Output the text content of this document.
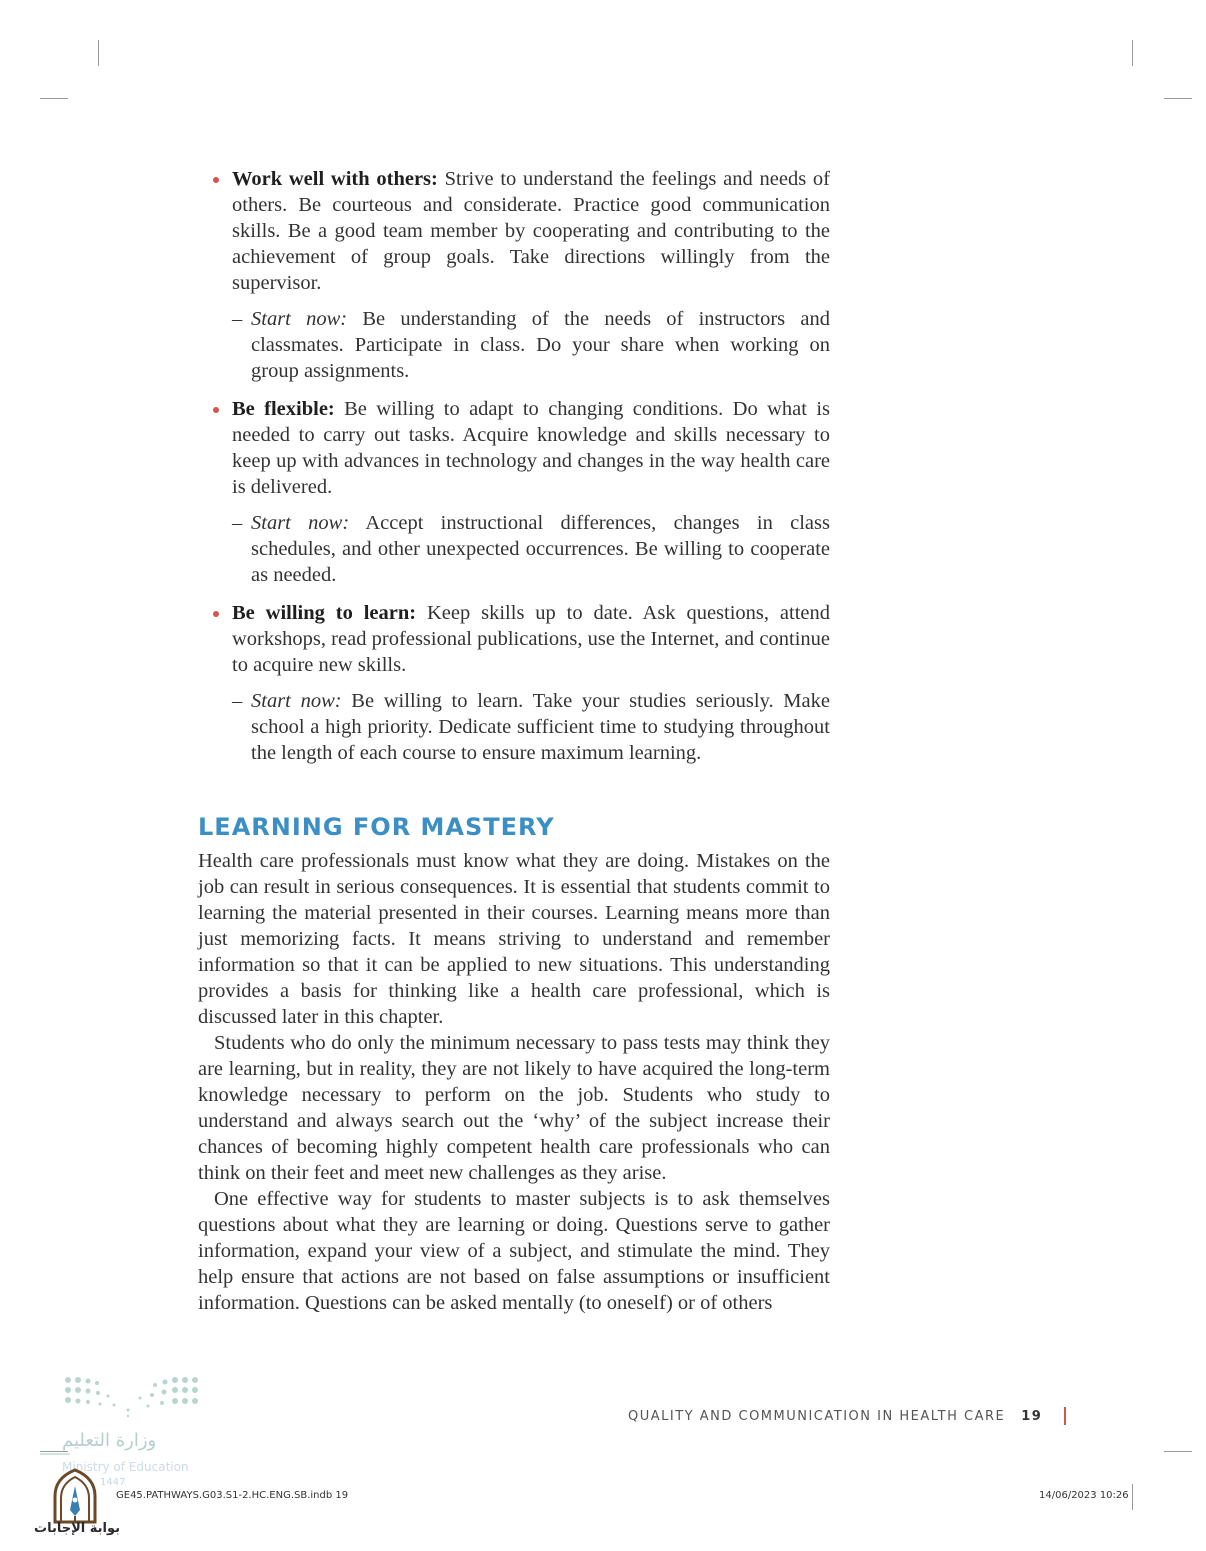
Work well with others: Strive to understand the feelings and needs of others. Be courteous and considerate. Practice good communication skills. Be a good team member by cooperating and contributing to the achievement of group goals. Take directions willingly from the supervisor.
– Start now: Be understanding of the needs of instructors and classmates. Participate in class. Do your share when working on group assignments.
Be flexible: Be willing to adapt to changing conditions. Do what is needed to carry out tasks. Acquire knowledge and skills necessary to keep up with advances in technology and changes in the way health care is delivered.
– Start now: Accept instructional differences, changes in class schedules, and other unexpected occurrences. Be willing to cooperate as needed.
Be willing to learn: Keep skills up to date. Ask questions, attend workshops, read professional publications, use the Internet, and continue to acquire new skills.
– Start now: Be willing to learn. Take your studies seriously. Make school a high priority. Dedicate sufficient time to studying throughout the length of each course to ensure maximum learning.
LEARNING FOR MASTERY

Health care professionals must know what they are doing. Mistakes on the job can result in serious consequences. It is essential that students commit to learning the material presented in their courses. Learning means more than just memorizing facts. It means striving to understand and remember information so that it can be applied to new situations. This understanding provides a basis for thinking like a health care professional, which is discussed later in this chapter.

Students who do only the minimum necessary to pass tests may think they are learning, but in reality, they are not likely to have acquired the long-term knowledge necessary to perform on the job. Students who study to understand and always search out the ‘why’ of the subject increase their chances of becoming highly competent health care professionals who can think on their feet and meet new challenges as they arise.

One effective way for students to master subjects is to ask themselves questions about what they are learning or doing. Questions serve to gather information, expand your view of a subject, and stimulate the mind. They help ensure that actions are not based on false assumptions or insufficient information. Questions can be asked mentally (to oneself) or of others

وزارة التعليم
Ministry of Education
1447
بوابة الإجابات
QUALITY AND COMMUNICATION IN HEALTH CARE 19
GE45.PATHWAYS.G03.S1-2.HC.ENG.SB.indb 19	14/06/2023 10:26
